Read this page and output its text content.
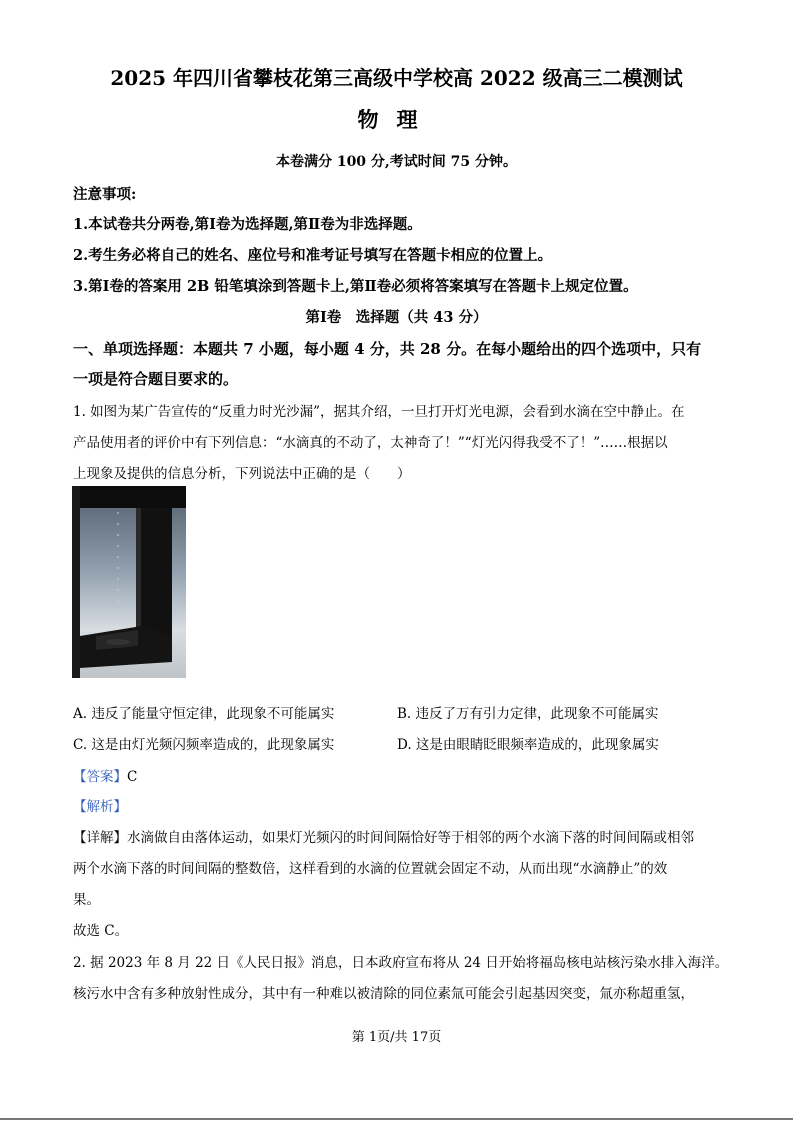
2025 年四川省攀枝花第三高级中学校高 2022 级高三二模测试
物理
本卷满分 100 分,考试时间 75 分钟。
注意事项:
1.本试卷共分两卷,第Ⅰ卷为选择题,第Ⅱ卷为非选择题。
2.考生务必将自己的姓名、座位号和准考证号填写在答题卡相应的位置上。
3.第Ⅰ卷的答案用 2B 铅笔填涂到答题卡上,第Ⅱ卷必须将答案填写在答题卡上规定位置。
第Ⅰ卷　选择题（共 43 分）
一、单项选择题：本题共 7 小题，每小题 4 分，共 28 分。在每小题给出的四个选项中，只有
一项是符合题目要求的。
1. 如图为某广告宣传的“反重力时光沙漏”，据其介绍，一旦打开灯光电源，会看到水滴在空中静止。在
产品使用者的评价中有下列信息：“水滴真的不动了，太神奇了！”“灯光闪得我受不了！”……根据以
上现象及提供的信息分析，下列说法中正确的是（　　）
A. 违反了能量守恒定律，此现象不可能属实	B. 违反了万有引力定律，此现象不可能属实
C. 这是由灯光频闪频率造成的，此现象属实	D. 这是由眼睛眨眼频率造成的，此现象属实
【答案】C
【解析】
【详解】水滴做自由落体运动，如果灯光频闪的时间间隔恰好等于相邻的两个水滴下落的时间间隔或相邻
两个水滴下落的时间间隔的整数倍，这样看到的水滴的位置就会固定不动，从而出现“水滴静止”的效
果。
故选 C。
2. 据 2023 年 8 月 22 日《人民日报》消息，日本政府宣布将从 24 日开始将福岛核电站核污染水排入海洋。
核污水中含有多种放射性成分，其中有一种难以被清除的同位素氚可能会引起基因突变，氚亦称超重氢，
第 1页/共 17页
